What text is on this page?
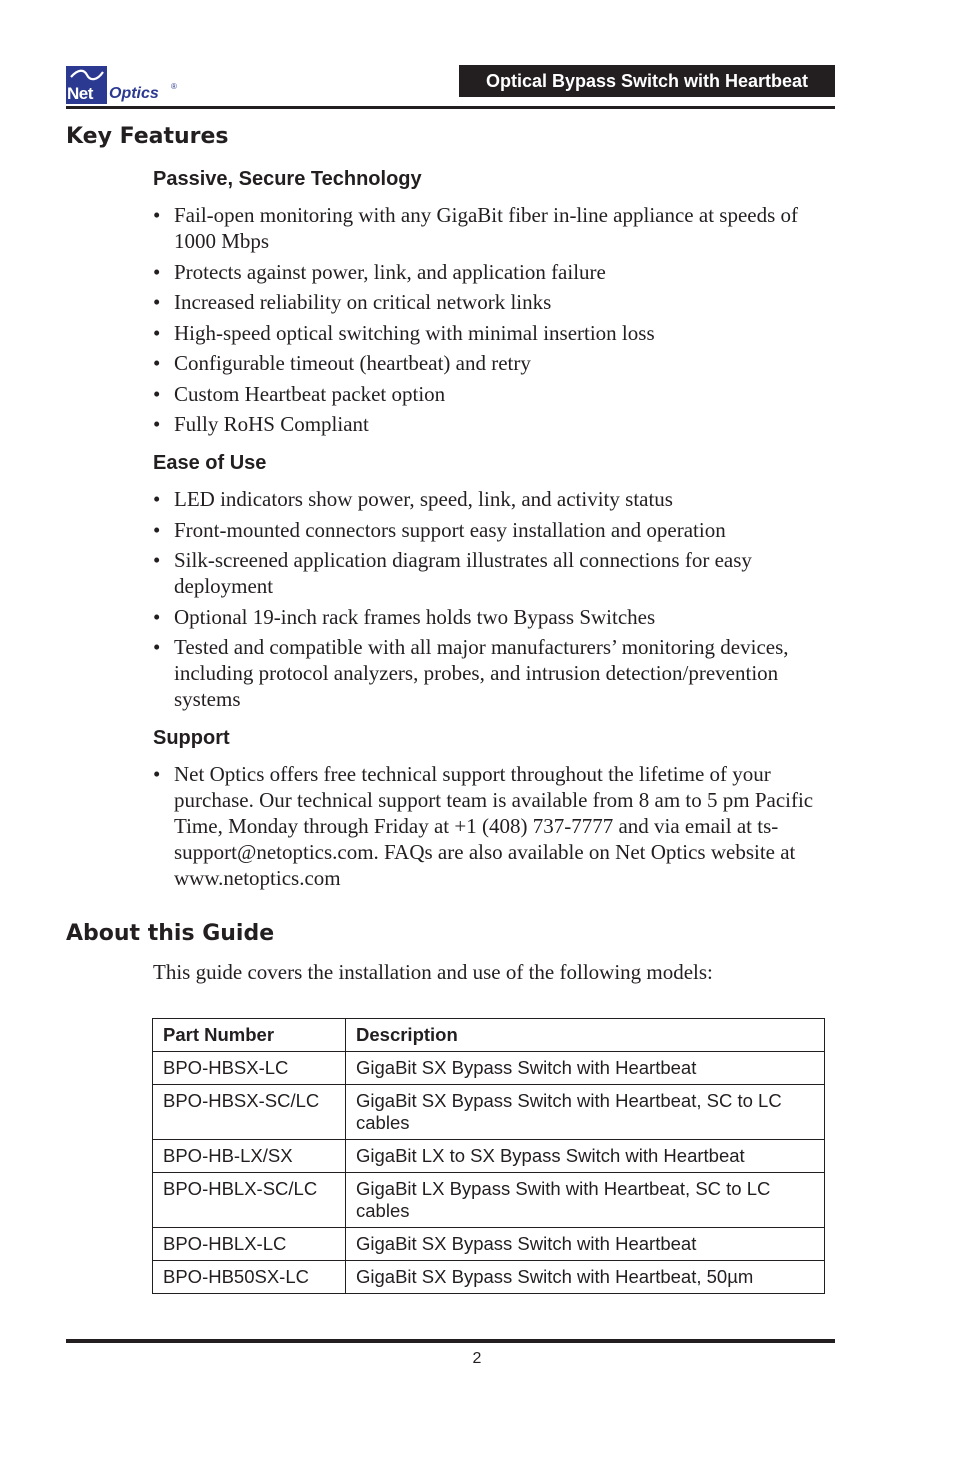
Net Optics ®	Optical Bypass Switch with Heartbeat
Key Features
Passive, Secure Technology
• Fail-open monitoring with any GigaBit fiber in-line appliance at speeds of 1000 Mbps
• Protects against power, link, and application failure
• Increased reliability on critical network links
• High-speed optical switching with minimal insertion loss
• Configurable timeout (heartbeat) and retry
• Custom Heartbeat packet option
• Fully RoHS Compliant
Ease of Use
• LED indicators show power, speed, link, and activity status
• Front-mounted connectors support easy installation and operation
• Silk-screened application diagram illustrates all connections for easy deployment
• Optional 19-inch rack frames holds two Bypass Switches
• Tested and compatible with all major manufacturers’ monitoring devices, including protocol analyzers, probes, and intrusion detection/prevention systems
Support
• Net Optics offers free technical support throughout the lifetime of your purchase. Our technical support team is available from 8 am to 5 pm Pacific Time, Monday through Friday at +1 (408) 737-7777 and via email at ts-support@netoptics.com. FAQs are also available on Net Optics website at www.netoptics.com
About this Guide

This guide covers the installation and use of the following models:

Part Number	Description
BPO-HBSX-LC	GigaBit SX Bypass Switch with Heartbeat
BPO-HBSX-SC/LC	GigaBit SX Bypass Switch with Heartbeat, SC to LC cables
BPO-HB-LX/SX	GigaBit LX to SX Bypass Switch with Heartbeat
BPO-HBLX-SC/LC	GigaBit LX Bypass Swith with Heartbeat, SC to LC cables
BPO-HBLX-LC	GigaBit SX Bypass Switch with Heartbeat
BPO-HB50SX-LC	GigaBit SX Bypass Switch with Heartbeat, 50µm
2
